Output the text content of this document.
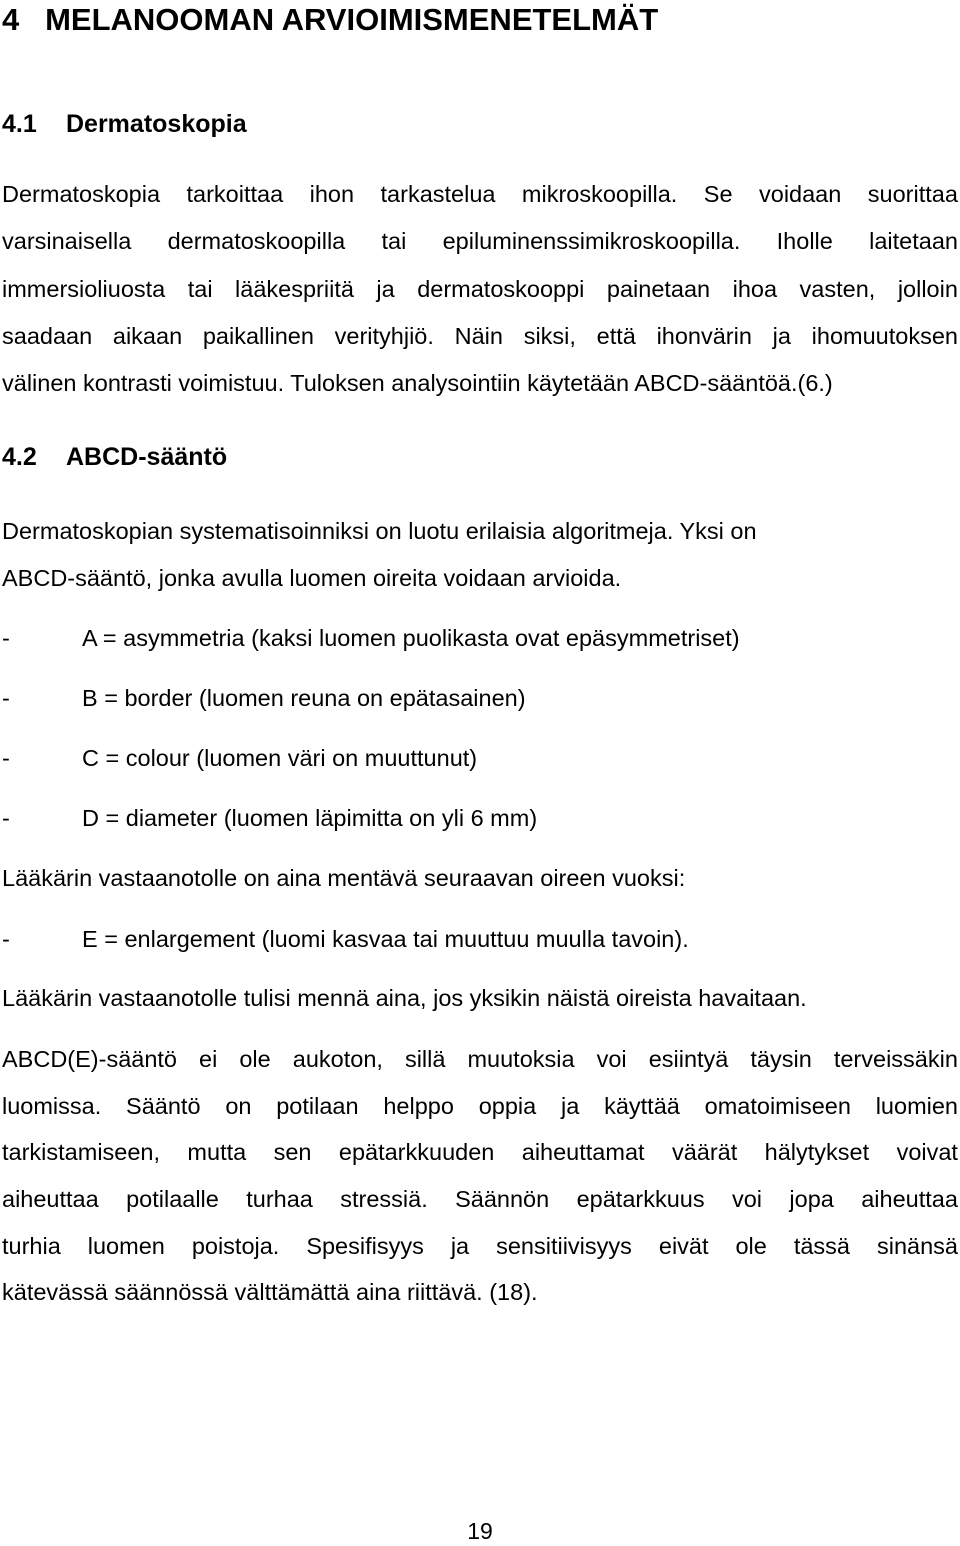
4 MELANOOMAN ARVIOIMISMENETELMÄT
4.1 Dermatoskopia
Dermatoskopia tarkoittaa ihon tarkastelua mikroskoopilla. Se voidaan suorittaa
varsinaisella dermatoskoopilla tai epiluminenssimikroskoopilla. Iholle laitetaan
immersioliuosta tai lääkespriitä ja dermatoskooppi painetaan ihoa vasten, jolloin
saadaan aikaan paikallinen verityhjiö. Näin siksi, että ihonvärin ja ihomuutoksen
välinen kontrasti voimistuu. Tuloksen analysointiin käytetään ABCD-sääntöä.(6.)
4.2 ABCD-sääntö
Dermatoskopian systematisoinniksi on luotu erilaisia algoritmeja. Yksi on
ABCD-sääntö, jonka avulla luomen oireita voidaan arvioida.
-	A = asymmetria (kaksi luomen puolikasta ovat epäsymmetriset)
-	B = border (luomen reuna on epätasainen)
-	C = colour (luomen väri on muuttunut)
-	D = diameter (luomen läpimitta on yli 6 mm)
Lääkärin vastaanotolle on aina mentävä seuraavan oireen vuoksi:
-	E = enlargement (luomi kasvaa tai muuttuu muulla tavoin).
Lääkärin vastaanotolle tulisi mennä aina, jos yksikin näistä oireista havaitaan.
ABCD(E)-sääntö ei ole aukoton, sillä muutoksia voi esiintyä täysin terveissäkin
luomissa. Sääntö on potilaan helppo oppia ja käyttää omatoimiseen luomien
tarkistamiseen, mutta sen epätarkkuuden aiheuttamat väärät hälytykset voivat
aiheuttaa potilaalle turhaa stressiä. Säännön epätarkkuus voi jopa aiheuttaa
turhia luomen poistoja. Spesifisyys ja sensitiivisyys eivät ole tässä sinänsä
kätevässä säännössä välttämättä aina riittävä. (18).
19
